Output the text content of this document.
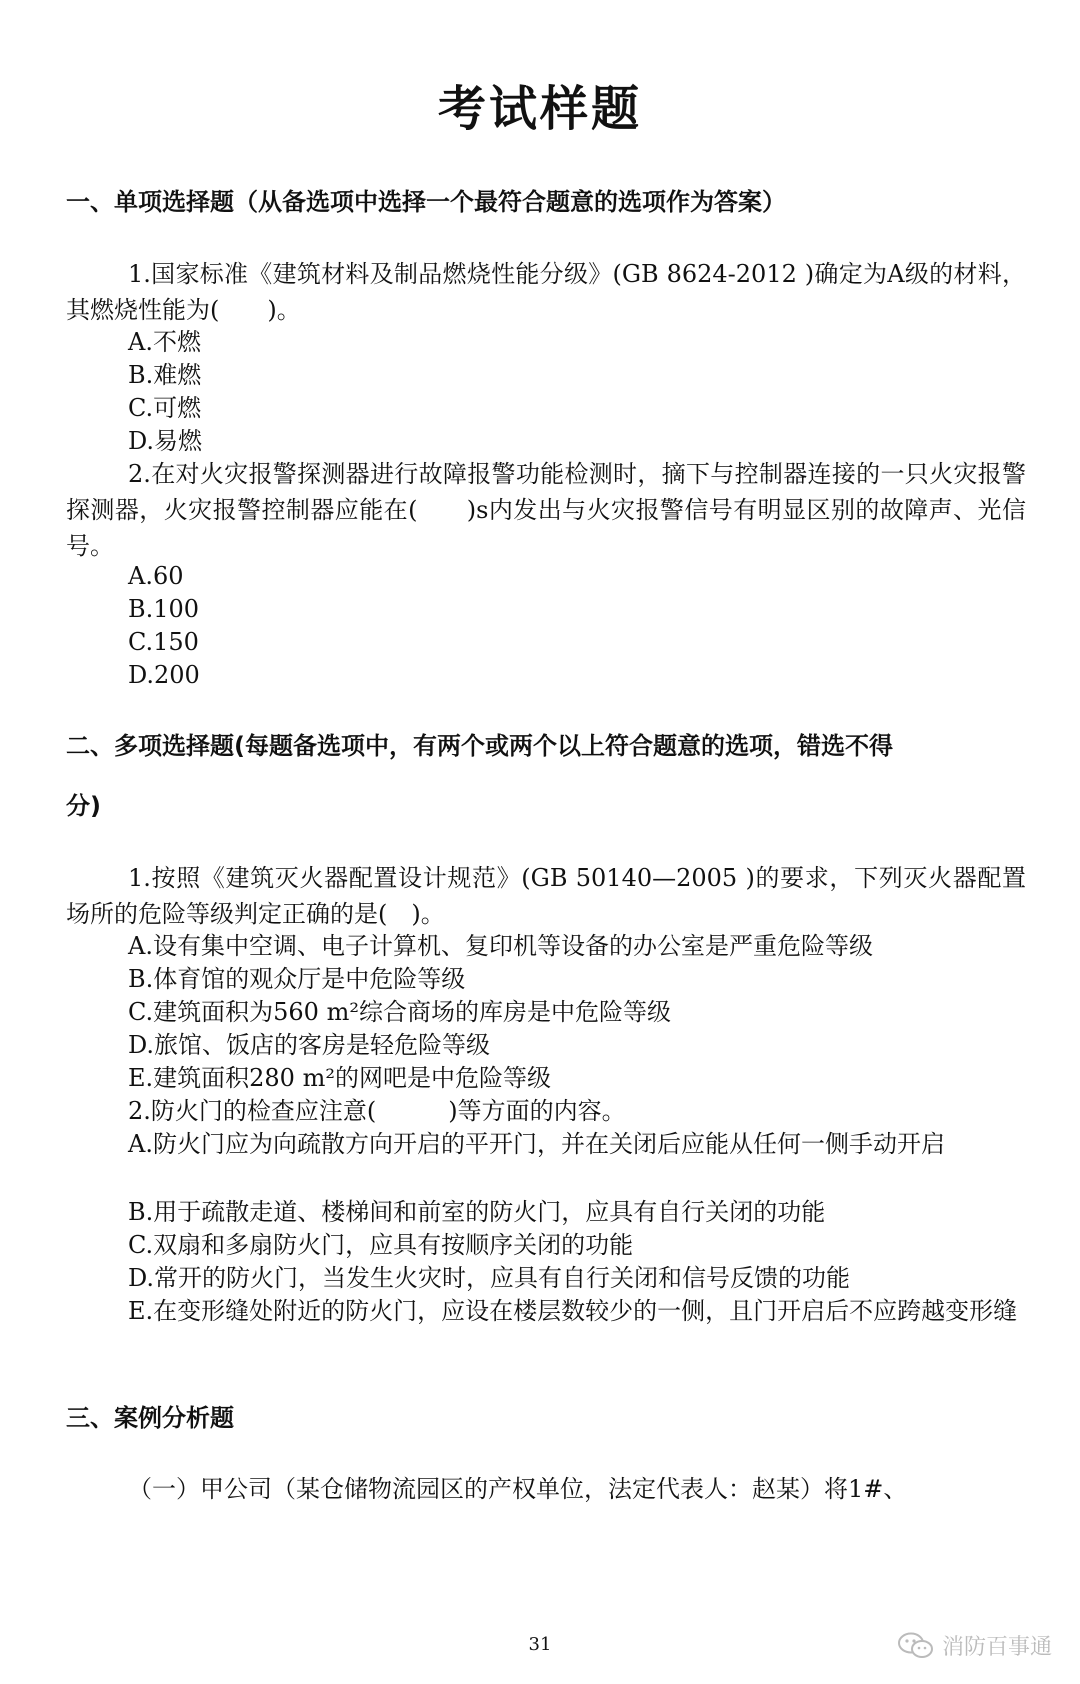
考试样题
一、单项选择题（从备选项中选择一个最符合题意的选项作为答案）
1.国家标准《建筑材料及制品燃烧性能分级》(GB 8624-2012 )确定为A级的材料，其燃烧性能为(　　)。
A.不燃
B.难燃
C.可燃
D.易燃
2.在对火灾报警探测器进行故障报警功能检测时，摘下与控制器连接的一只火灾报警探测器，火灾报警控制器应能在(　　)s内发出与火灾报警信号有明显区别的故障声、光信号。
A.60
B.100
C.150
D.200
二、多项选择题(每题备选项中，有两个或两个以上符合题意的选项，错选不得
分)
1.按照《建筑灭火器配置设计规范》(GB 50140—2005 )的要求，下列灭火器配置场所的危险等级判定正确的是(　)。
A.设有集中空调、电子计算机、复印机等设备的办公室是严重危险等级
B.体育馆的观众厅是中危险等级
C.建筑面积为560 m²综合商场的库房是中危险等级
D.旅馆、饭店的客房是轻危险等级
E.建筑面积280 m²的网吧是中危险等级
2.防火门的检查应注意(　　　)等方面的内容。
A.防火门应为向疏散方向开启的平开门，并在关闭后应能从任何一侧手动开启
B.用于疏散走道、楼梯间和前室的防火门，应具有自行关闭的功能
C.双扇和多扇防火门，应具有按顺序关闭的功能
D.常开的防火门，当发生火灾时，应具有自行关闭和信号反馈的功能
E.在变形缝处附近的防火门，应设在楼层数较少的一侧，且门开启后不应跨越变形缝
三、案例分析题
（一）甲公司（某仓储物流园区的产权单位，法定代表人：赵某）将1#、
31	消防百事通
